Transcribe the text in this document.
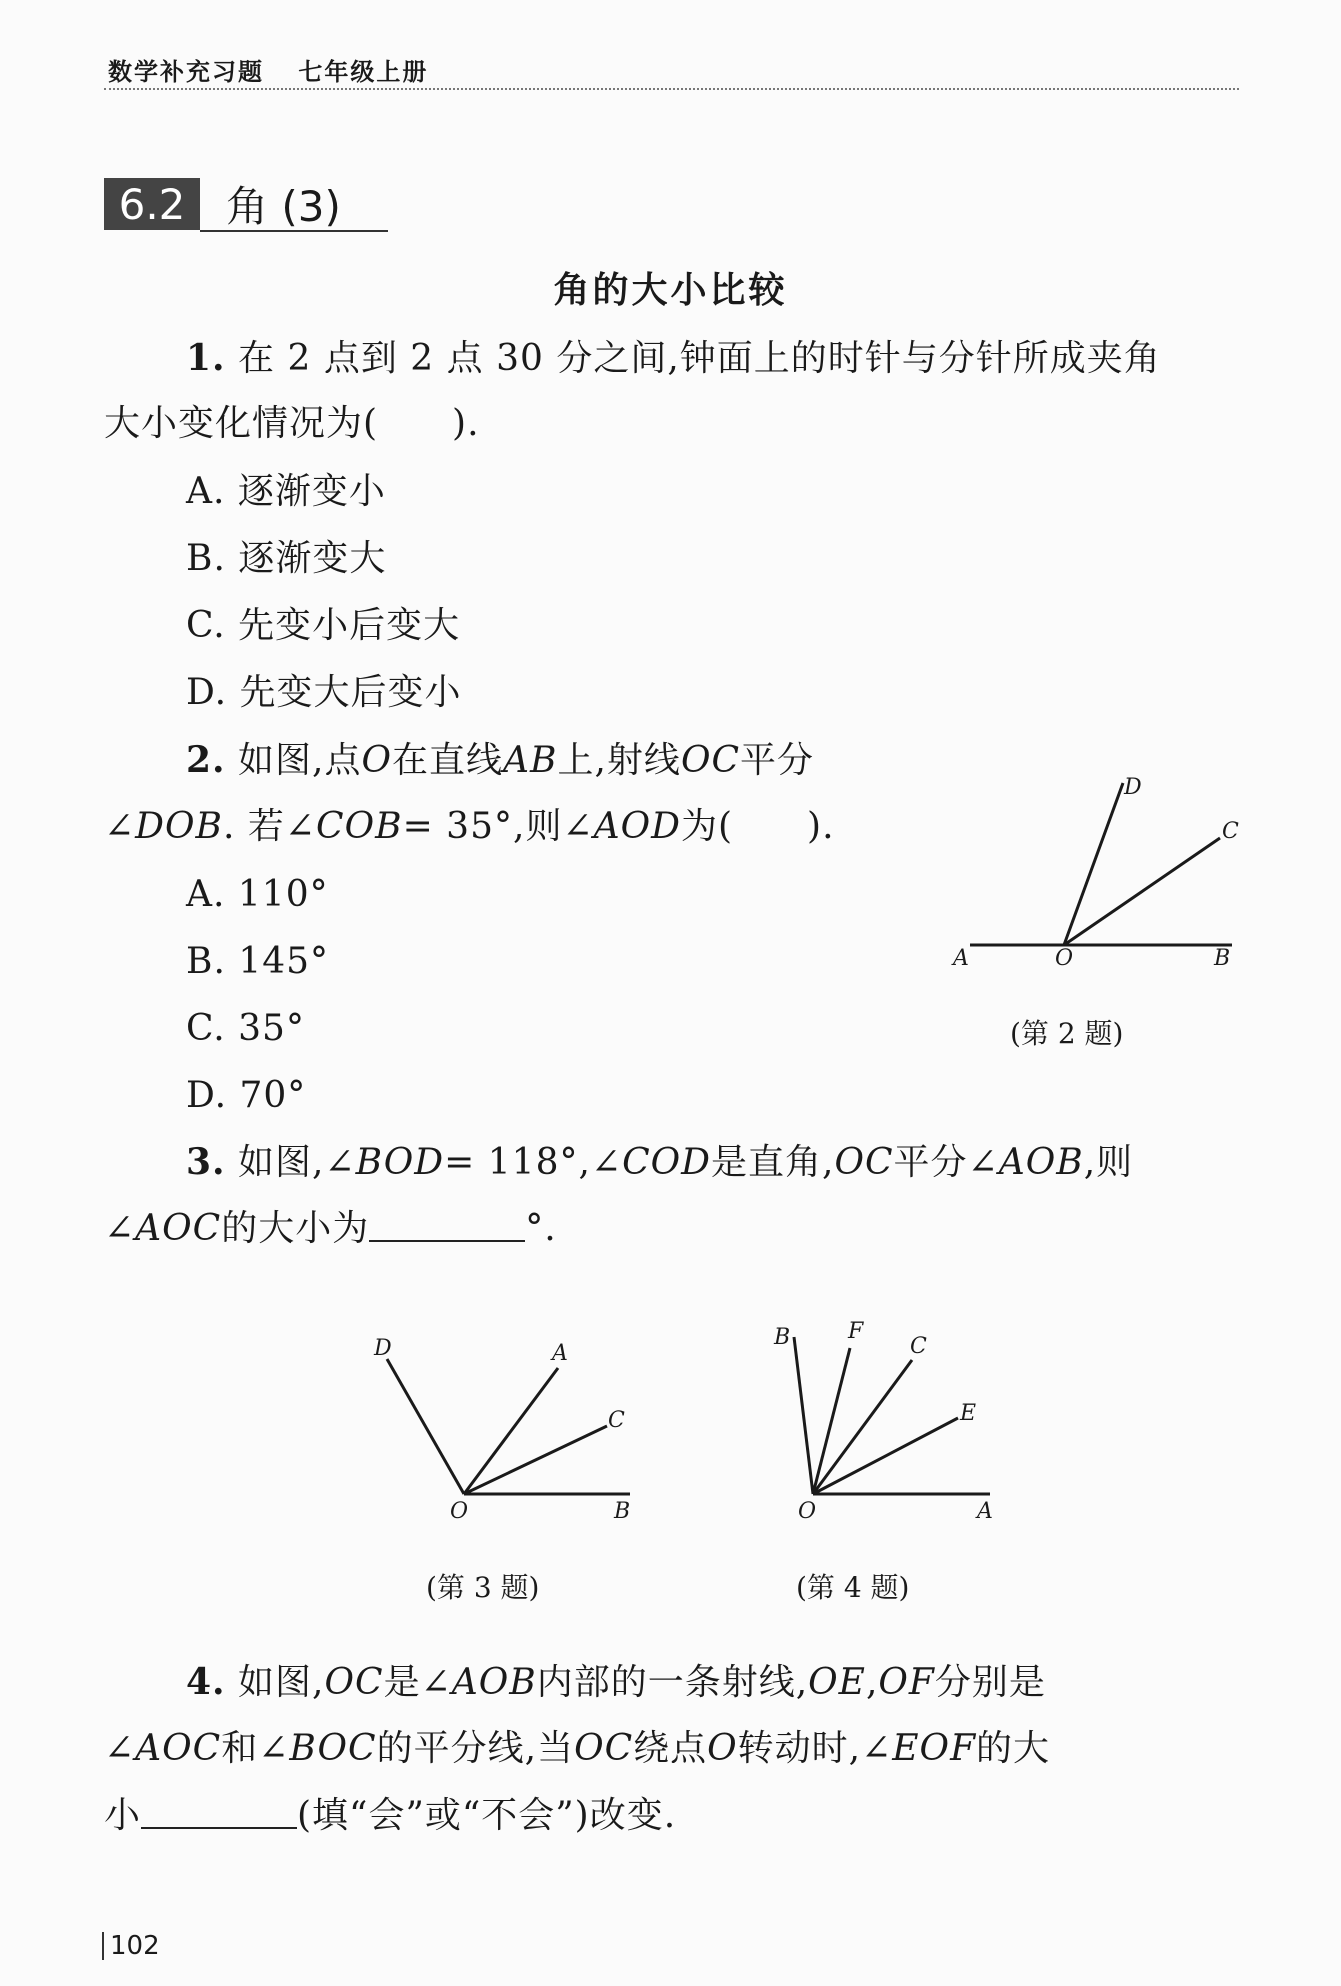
数学补充习题 七年级上册
6.2 角 (3)
角的大小比较
1. 在 2 点到 2 点 30 分之间,钟面上的时针与分针所成夹角
大小变化情况为(　　).
A. 逐渐变小
B. 逐渐变大
C. 先变小后变大
D. 先变大后变小
2. 如图,点O在直线AB上,射线OC平分
∠DOB. 若∠COB= 35°,则∠AOD为(　　).
A. 110°
B. 145°
C. 35°
D. 70°
D
C
A	O	B
(第 2 题)
3. 如图,∠BOD= 118°,∠COD是直角,OC平分∠AOB,则
∠AOC的大小为	°.
D	A
C
O	B
(第 3 题)
B	F
C
E
O	A
(第 4 题)
4. 如图,OC是∠AOB内部的一条射线,OE,OF分别是
∠AOC和∠BOC的平分线,当OC绕点O转动时,∠EOF的大
小	(填“会”或“不会”)改变.
102
